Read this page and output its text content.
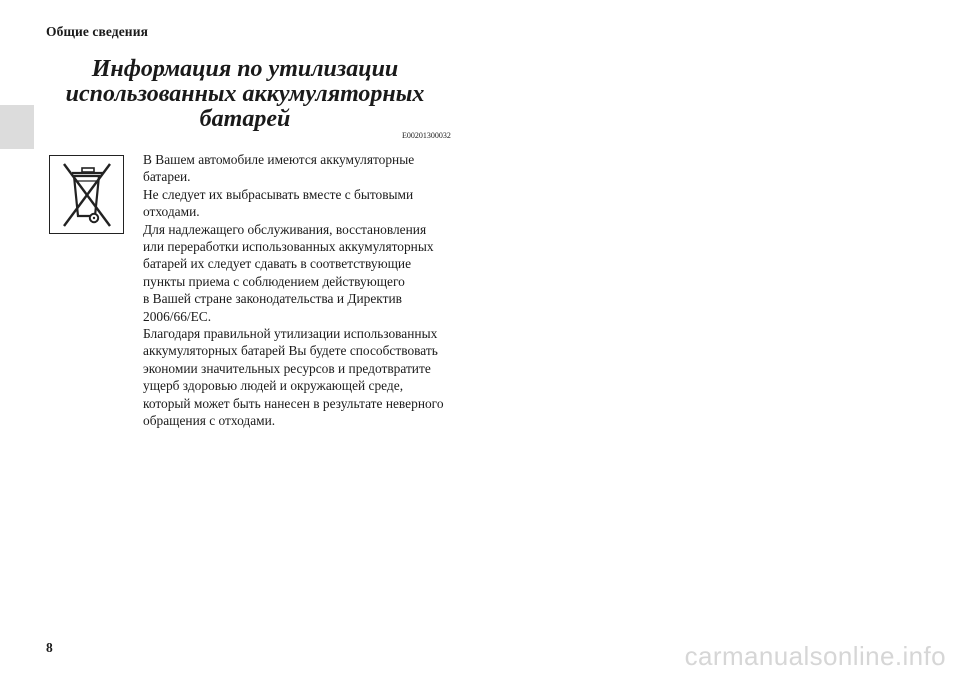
Общие сведения
Информация по утилизации
использованных аккумуляторных
батарей
E00201300032
В Вашем автомобиле имеются аккумуляторные
батареи.
Не следует их выбрасывать вместе с бытовыми
отходами.
Для надлежащего обслуживания, восстановления
или переработки использованных аккумуляторных
батарей их следует сдавать в соответствующие
пункты приема с соблюдением действующего
в Вашей стране законодательства и Директив
2006/66/EC.
Благодаря правильной утилизации использованных
аккумуляторных батарей Вы будете способствовать
экономии значительных ресурсов и предотвратите
ущерб здоровью людей и окружающей среде,
который может быть нанесен в результате неверного
обращения с отходами.
8	carmanualsonline.info
